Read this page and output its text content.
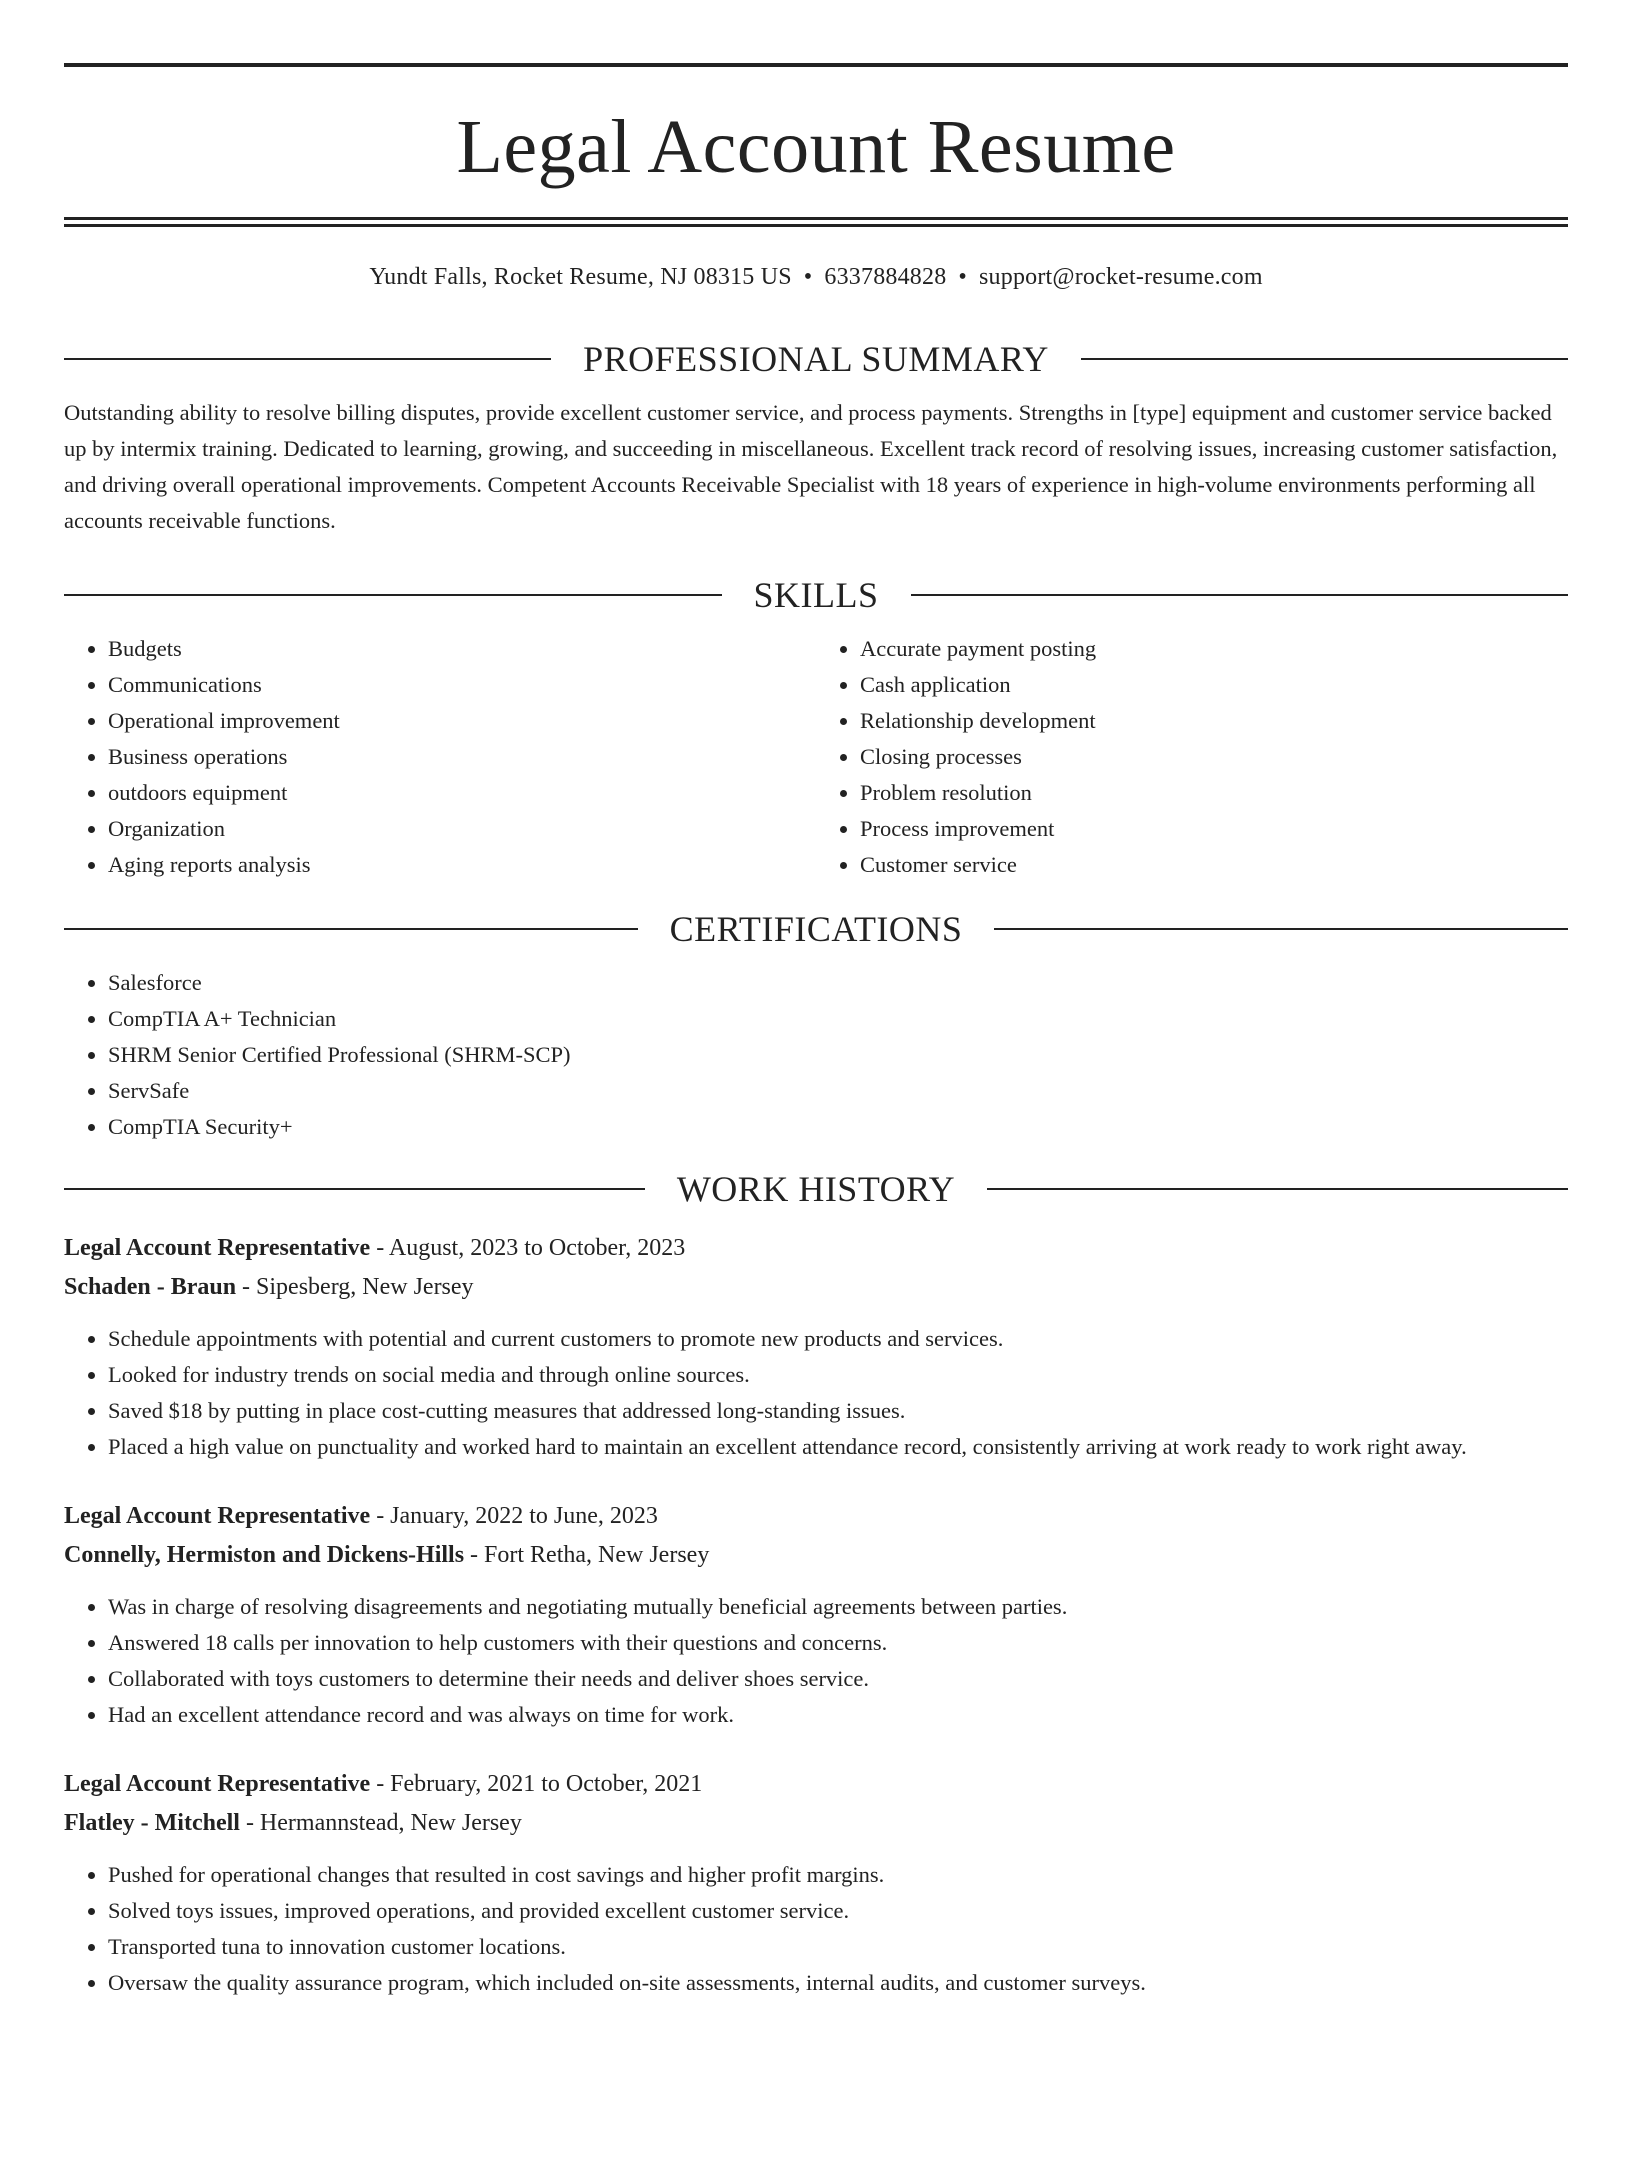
Legal Account Resume
Yundt Falls, Rocket Resume, NJ 08315 US • 6337884828 • support@rocket-resume.com
PROFESSIONAL SUMMARY

Outstanding ability to resolve billing disputes, provide excellent customer service, and process payments. Strengths in [type] equipment and customer service backed up by intermix training. Dedicated to learning, growing, and succeeding in miscellaneous. Excellent track record of resolving issues, increasing customer satisfaction, and driving overall operational improvements. Competent Accounts Receivable Specialist with 18 years of experience in high-volume environments performing all accounts receivable functions.

SKILLS
• Budgets
• Communications
• Operational improvement
• Business operations
• outdoors equipment
• Organization
• Aging reports analysis
• Accurate payment posting
• Cash application
• Relationship development
• Closing processes
• Problem resolution
• Process improvement
• Customer service
CERTIFICATIONS
• Salesforce
• CompTIA A+ Technician
• SHRM Senior Certified Professional (SHRM-SCP)
• ServSafe
• CompTIA Security+
WORK HISTORY
Legal Account Representative - August, 2023 to October, 2023
Schaden - Braun - Sipesberg, New Jersey
• Schedule appointments with potential and current customers to promote new products and services.
• Looked for industry trends on social media and through online sources.
• Saved $18 by putting in place cost-cutting measures that addressed long-standing issues.
• Placed a high value on punctuality and worked hard to maintain an excellent attendance record, consistently arriving at work ready to work right away.
Legal Account Representative - January, 2022 to June, 2023
Connelly, Hermiston and Dickens-Hills - Fort Retha, New Jersey
• Was in charge of resolving disagreements and negotiating mutually beneficial agreements between parties.
• Answered 18 calls per innovation to help customers with their questions and concerns.
• Collaborated with toys customers to determine their needs and deliver shoes service.
• Had an excellent attendance record and was always on time for work.
Legal Account Representative - February, 2021 to October, 2021
Flatley - Mitchell - Hermannstead, New Jersey
• Pushed for operational changes that resulted in cost savings and higher profit margins.
• Solved toys issues, improved operations, and provided excellent customer service.
• Transported tuna to innovation customer locations.
• Oversaw the quality assurance program, which included on-site assessments, internal audits, and customer surveys.
